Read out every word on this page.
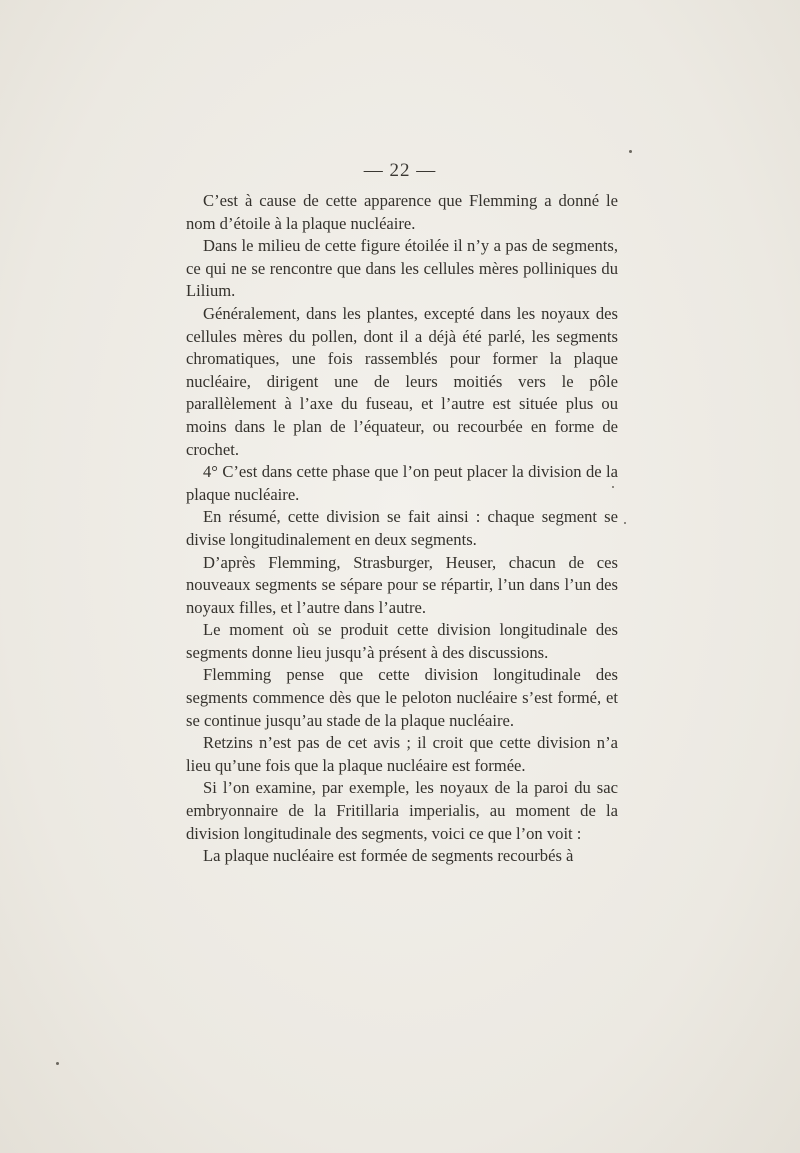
— 22 —

C’est à cause de cette apparence que Flemming a donné le nom d’étoile à la plaque nucléaire.

Dans le milieu de cette figure étoilée il n’y a pas de segments, ce qui ne se rencontre que dans les cellules mères polliniques du Lilium.

Généralement, dans les plantes, excepté dans les noyaux des cellules mères du pollen, dont il a déjà été parlé, les segments chromatiques, une fois rassemblés pour former la plaque nucléaire, dirigent une de leurs moitiés vers le pôle parallèlement à l’axe du fuseau, et l’autre est située plus ou moins dans le plan de l’équateur, ou recourbée en forme de crochet.

4° C’est dans cette phase que l’on peut placer la division de la plaque nucléaire.

En résumé, cette division se fait ainsi : chaque segment se divise longitudinalement en deux segments.

D’après Flemming, Strasburger, Heuser, chacun de ces nouveaux segments se sépare pour se répartir, l’un dans l’un des noyaux filles, et l’autre dans l’autre.

Le moment où se produit cette division longitudinale des segments donne lieu jusqu’à présent à des discussions.

Flemming pense que cette division longitudinale des segments commence dès que le peloton nucléaire s’est formé, et se continue jusqu’au stade de la plaque nucléaire.

Retzins n’est pas de cet avis ; il croit que cette division n’a lieu qu’une fois que la plaque nucléaire est formée.

Si l’on examine, par exemple, les noyaux de la paroi du sac embryonnaire de la Fritillaria imperialis, au moment de la division longitudinale des segments, voici ce que l’on voit :

La plaque nucléaire est formée de segments recourbés à
